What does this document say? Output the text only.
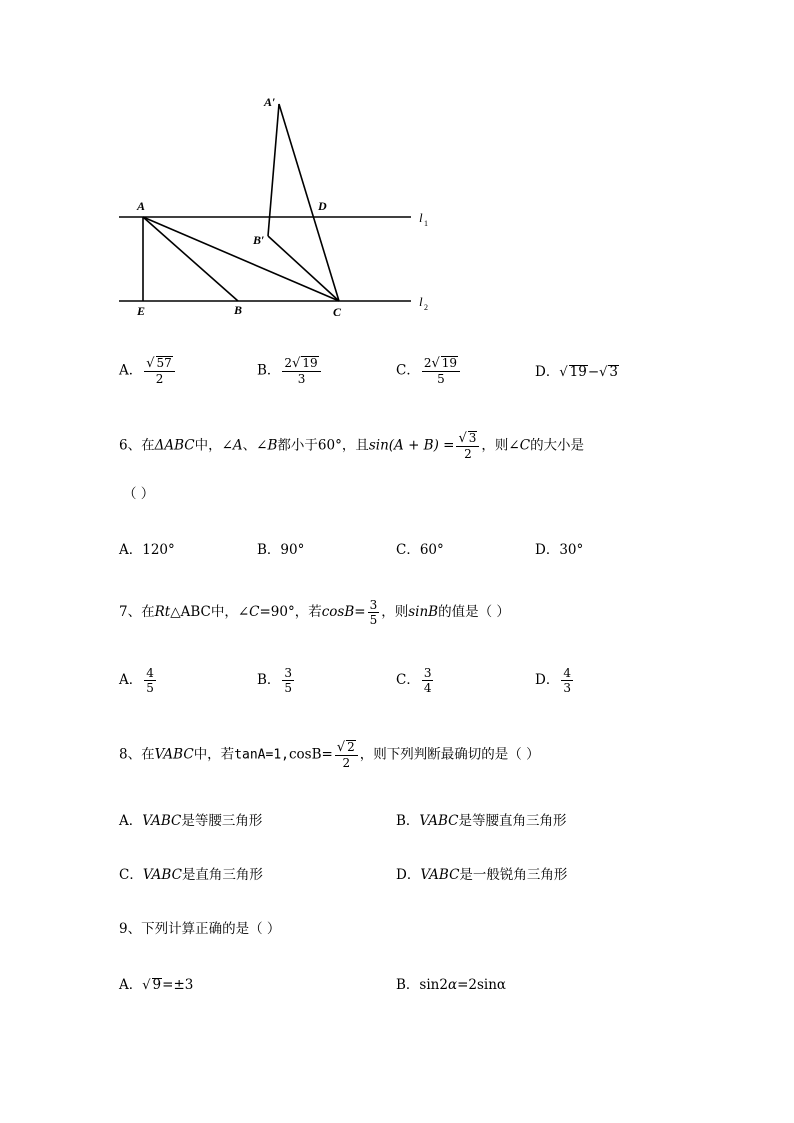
A′
A	D
B′
E	B	C
l 1
l 2
A． $\frac{√ 57}{2}$	B． $\frac{2√ 19}{3}$	C． $\frac{2√ 19}{5}$	D．√ 19−√ 3
6、在ΔABC中，∠A、∠B都小于60°，且$\sin(A + B) = \frac{√ 3}{2}$ ，则∠C的大小是
（ ）
A．120°	B．90°	C．60°	D．30°
7、在Rt△ABC中，∠C=90°，若$\cos B= \frac{3}{5}$ ，则sinB的值是（ ）
A． $\frac{4}{5}$	B． $\frac{3}{5}$	C． $\frac{3}{4}$	D． $\frac{4}{3}$
8、在VABC中，若$\tan A=1,\cos B= \frac{√ 2}{2}$ ，则下列判断最确切的是（ ）
A．VABC是等腰三角形	B．VABC是等腰直角三角形
C．VABC是直角三角形	D．VABC是一般锐角三角形
9、下列计算正确的是（ ）
A．√ 9=±3	B．sin2α=2sinα
